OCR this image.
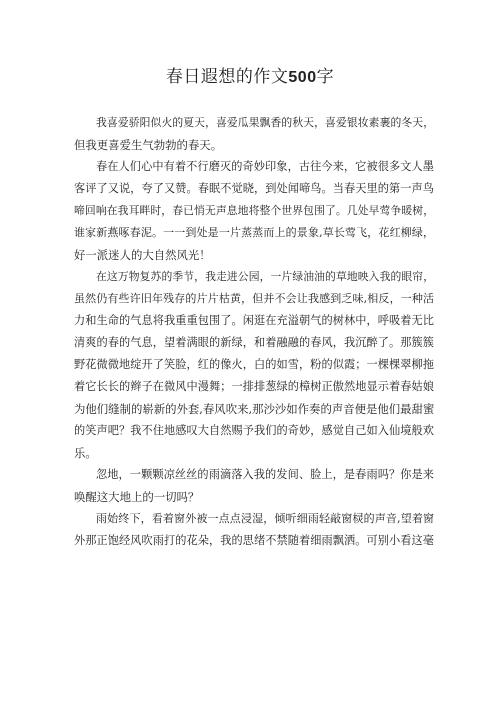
春日遐想的作文500字
我喜爱骄阳似火的夏天，喜爱瓜果飘香的秋天，喜爱银妆素裹的冬天，
但我更喜爱生气勃勃的春天。
春在人们心中有着不行磨灭的奇妙印象，古往今来，它被很多文人墨
客评了又说，夸了又赞。春眠不觉晓，到处闻啼鸟。当春天里的第一声鸟
啼回响在我耳畔时，春已悄无声息地将整个世界包围了。几处早莺争暖树，
谁家新燕啄春泥。一一到处是一片蒸蒸而上的景象,草长莺飞，花红柳绿，
好一派迷人的大自然风光！
在这万物复苏的季节，我走进公园，一片绿油油的草地映入我的眼帘，
虽然仍有些许旧年残存的片片枯黄，但并不会让我感到乏味,相反，一种活
力和生命的气息将我重重包围了。闲逛在充溢朝气的树林中，呼吸着无比
清爽的春的气息，望着满眼的新绿，和着融融的春风，我沉醉了。那簇簇
野花微微地绽开了笑脸，红的像火，白的如雪，粉的似霞；一棵棵翠柳拖
着它长长的辫子在微风中漫舞；一排排葱绿的樟树正傲然地显示着春姑娘
为他们缝制的崭新的外套,春风吹来,那沙沙如作奏的声音便是他们最甜蜜
的笑声吧？我不住地感叹大自然赐予我们的奇妙，感觉自己如入仙境般欢
乐。
忽地，一颗颗凉丝丝的雨滴落入我的发间、脸上，是春雨吗？你是来
唤醒这大地上的一切吗？
雨始终下，看着窗外被一点点浸湿，倾听细雨轻敲窗棂的声音,望着窗
外那正饱经风吹雨打的花朵，我的思绪不禁随着细雨飘洒。可别小看这毫
